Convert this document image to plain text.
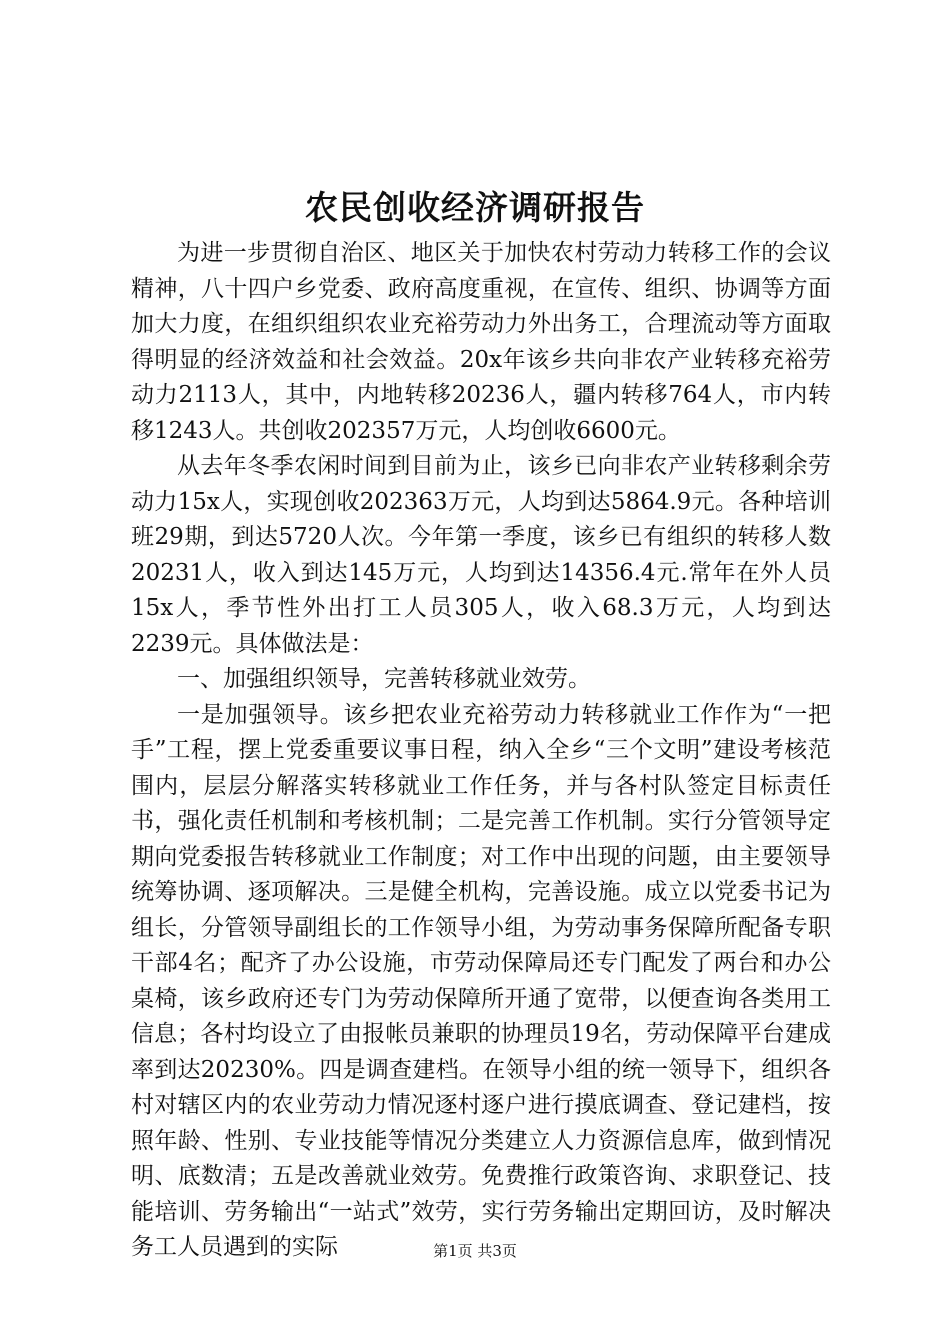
农民创收经济调研报告

为进一步贯彻自治区、地区关于加快农村劳动力转移工作的会议精神，八十四户乡党委、政府高度重视，在宣传、组织、协调等方面加大力度，在组织组织农业充裕劳动力外出务工，合理流动等方面取得明显的经济效益和社会效益。20x年该乡共向非农产业转移充裕劳动力2113人，其中，内地转移20236人，疆内转移764人，市内转移1243人。共创收202357万元，人均创收6600元。

从去年冬季农闲时间到目前为止，该乡已向非农产业转移剩余劳动力15x人，实现创收202363万元，人均到达5864.9元。各种培训班29期，到达5720人次。今年第一季度，该乡已有组织的转移人数20231人，收入到达145万元，人均到达14356.4元.常年在外人员15x人，季节性外出打工人员305人，收入68.3万元，人均到达2239元。具体做法是：

一、加强组织领导，完善转移就业效劳。

一是加强领导。该乡把农业充裕劳动力转移就业工作作为“一把手”工程，摆上党委重要议事日程，纳入全乡“三个文明”建设考核范围内，层层分解落实转移就业工作任务，并与各村队签定目标责任书，强化责任机制和考核机制；二是完善工作机制。实行分管领导定期向党委报告转移就业工作制度；对工作中出现的问题，由主要领导统筹协调、逐项解决。三是健全机构，完善设施。成立以党委书记为组长，分管领导副组长的工作领导小组，为劳动事务保障所配备专职干部4名；配齐了办公设施，市劳动保障局还专门配发了两台和办公桌椅，该乡政府还专门为劳动保障所开通了宽带，以便查询各类用工信息；各村均设立了由报帐员兼职的协理员19名，劳动保障平台建成率到达20230%。四是调查建档。在领导小组的统一领导下，组织各村对辖区内的农业劳动力情况逐村逐户进行摸底调查、登记建档，按照年龄、性别、专业技能等情况分类建立人力资源信息库，做到情况明、底数清；五是改善就业效劳。免费推行政策咨询、求职登记、技能培训、劳务输出“一站式”效劳，实行劳务输出定期回访，及时解决务工人员遇到的实际	第1页 共3页
